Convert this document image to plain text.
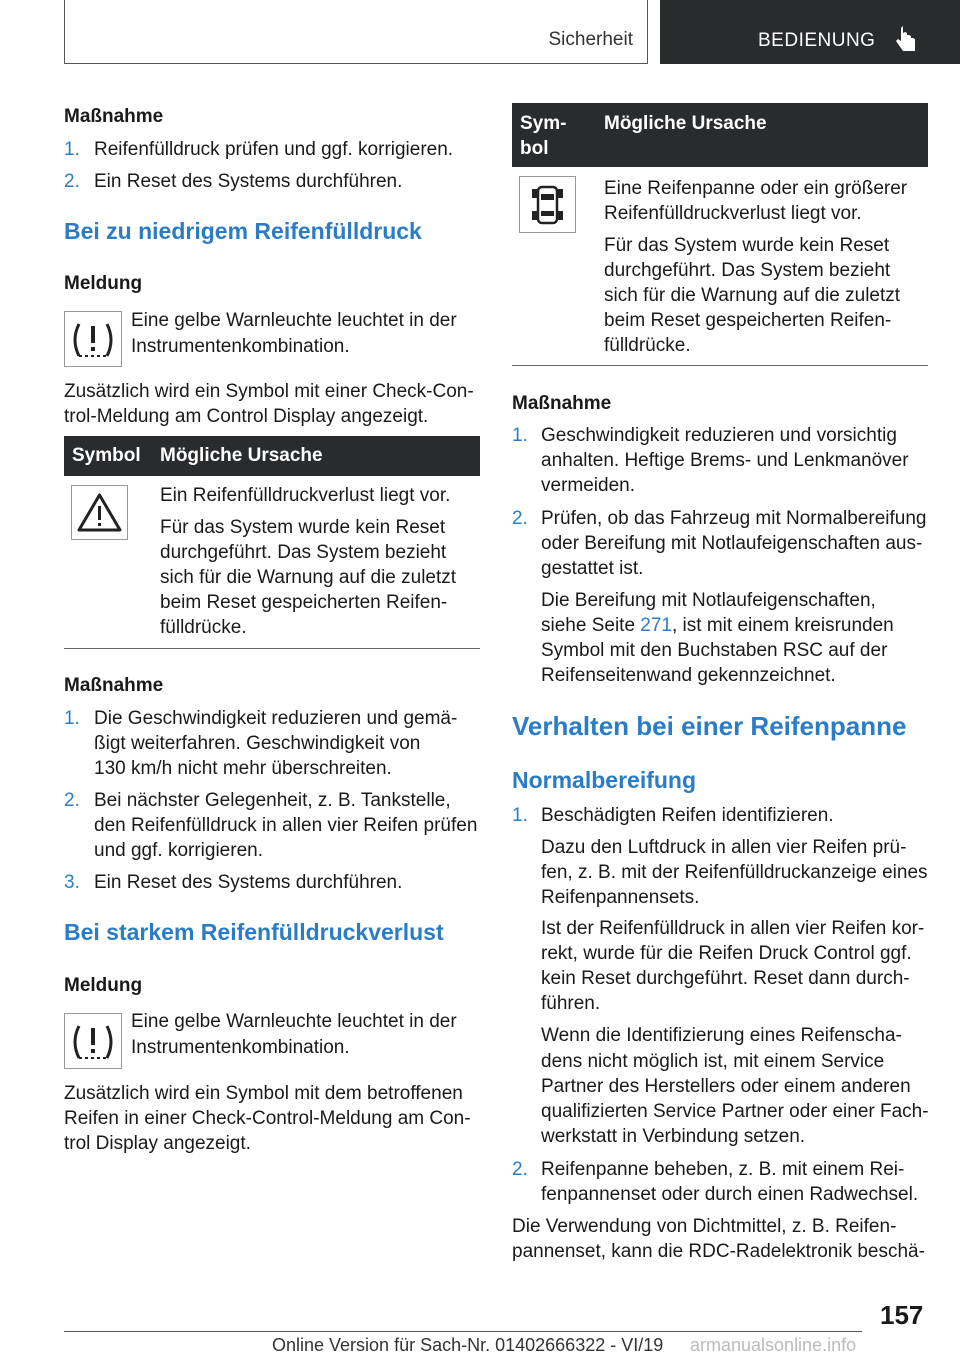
Sicherheit	BEDIENUNG
Maßnahme
1. Reifenfülldruck prüfen und ggf. korrigieren.
2. Ein Reset des Systems durchführen.
Bei zu niedrigem Reifenfülldruck
Meldung
Eine gelbe Warnleuchte leuchtet in der
Instrumentenkombination.
Zusätzlich wird ein Symbol mit einer Check-Con‐
trol-Meldung am Control Display angezeigt.
Symbol Mögliche Ursache
Ein Reifenfülldruckverlust liegt vor.
Für das System wurde kein Reset
durchgeführt. Das System bezieht
sich für die Warnung auf die zuletzt
beim Reset gespeicherten Reifen‐
fülldrücke.
Maßnahme
1. Die Geschwindigkeit reduzieren und gemä‐
ßigt weiterfahren. Geschwindigkeit von
130 km/h nicht mehr überschreiten.
2. Bei nächster Gelegenheit, z. B. Tankstelle,
den Reifenfülldruck in allen vier Reifen prüfen
und ggf. korrigieren.
3. Ein Reset des Systems durchführen.
Bei starkem Reifenfülldruckverlust
Meldung
Eine gelbe Warnleuchte leuchtet in der
Instrumentenkombination.
Zusätzlich wird ein Symbol mit dem betroffenen
Reifen in einer Check-Control-Meldung am Con‐
trol Display angezeigt.
Sym‐
bol
Mögliche Ursache
Eine Reifenpanne oder ein größerer
Reifenfülldruckverlust liegt vor.
Für das System wurde kein Reset
durchgeführt. Das System bezieht
sich für die Warnung auf die zuletzt
beim Reset gespeicherten Reifen‐
fülldrücke.
Maßnahme
1. Geschwindigkeit reduzieren und vorsichtig
anhalten. Heftige Brems- und Lenkmanöver
vermeiden.
2. Prüfen, ob das Fahrzeug mit Normalbereifung
oder Bereifung mit Notlaufeigenschaften aus‐
gestattet ist.
Die Bereifung mit Notlaufeigenschaften,
siehe Seite 271, ist mit einem kreisrunden
Symbol mit den Buchstaben RSC auf der
Reifenseitenwand gekennzeichnet.
Verhalten bei einer Reifenpanne
Normalbereifung
1. Beschädigten Reifen identifizieren.
Dazu den Luftdruck in allen vier Reifen prü‐
fen, z. B. mit der Reifenfülldruckanzeige eines
Reifenpannensets.
Ist der Reifenfülldruck in allen vier Reifen kor‐
rekt, wurde für die Reifen Druck Control ggf.
kein Reset durchgeführt. Reset dann durch‐
führen.
Wenn die Identifizierung eines Reifenscha‐
dens nicht möglich ist, mit einem Service
Partner des Herstellers oder einem anderen
qualifizierten Service Partner oder einer Fach‐
werkstatt in Verbindung setzen.
2. Reifenpanne beheben, z. B. mit einem Rei‐
fenpannenset oder durch einen Radwechsel.
Die Verwendung von Dichtmittel, z. B. Reifen‐
pannenset, kann die RDC-Radelektronik beschä‐
157
Online Version für Sach-Nr. 01402666322 - VI/19 armanualsonline.info
